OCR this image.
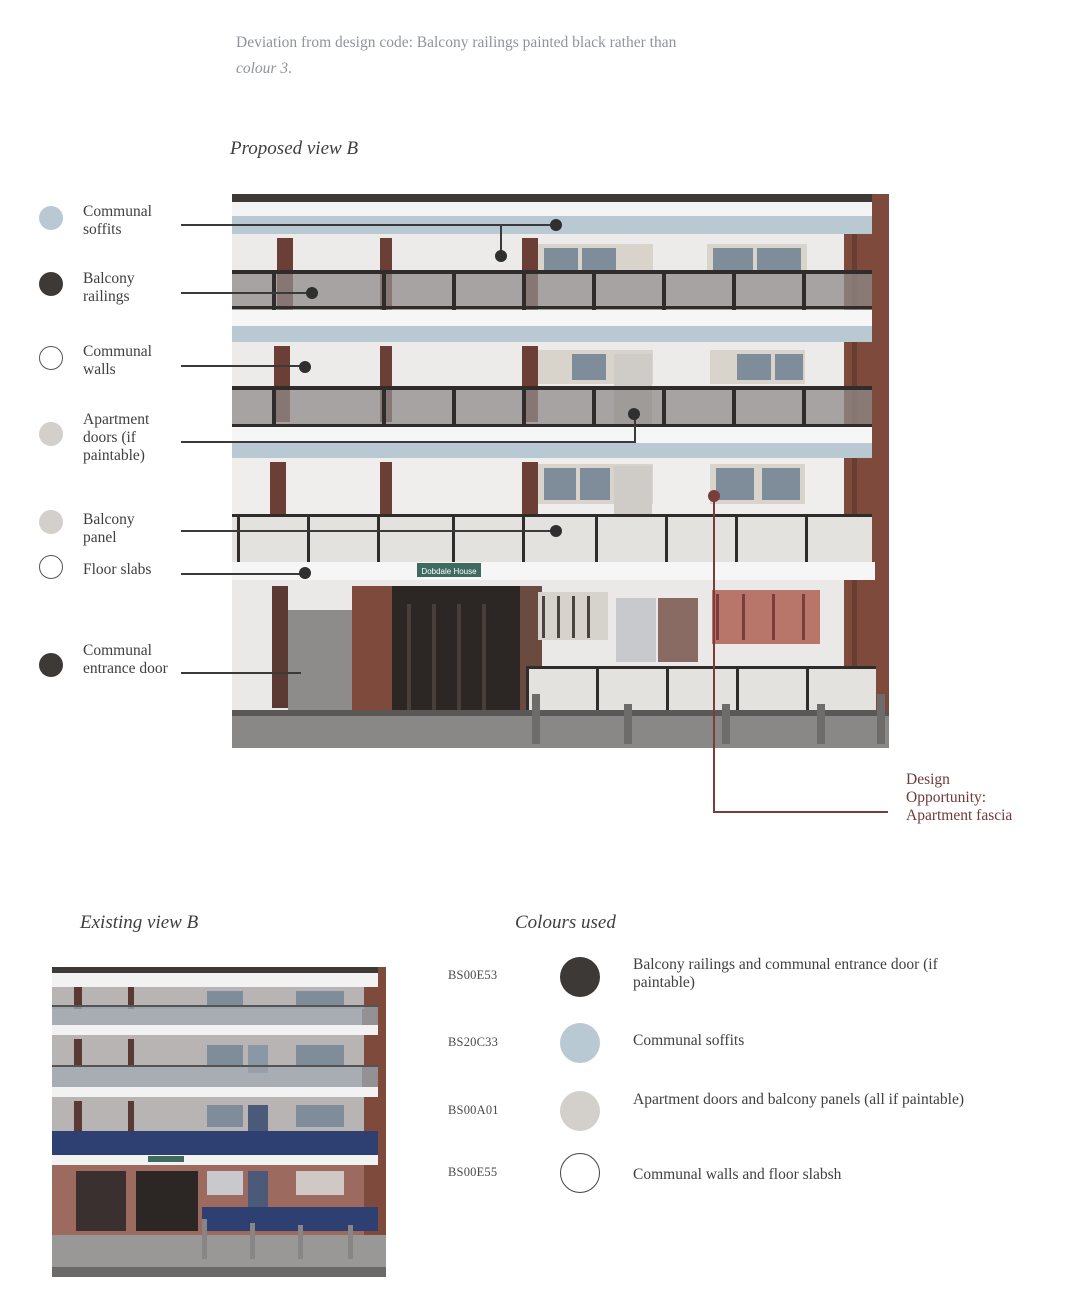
Deviation from design code: Balcony railings painted black rather than colour 3.
Proposed view B
Dobdale House
Communal soffits
Balcony railings
Communal walls
Apartment doors (if paintable)
Balcony panel
Floor slabs
Communal entrance door
Design Opportunity: Apartment fascia
Existing view B	Colours used
BS00E53
Balcony railings and communal entrance door (if paintable)
BS20C33	Communal soffits
BS00A01
Apartment doors and balcony panels (all if paintable)
BS00E55	Communal walls and floor slabsh
